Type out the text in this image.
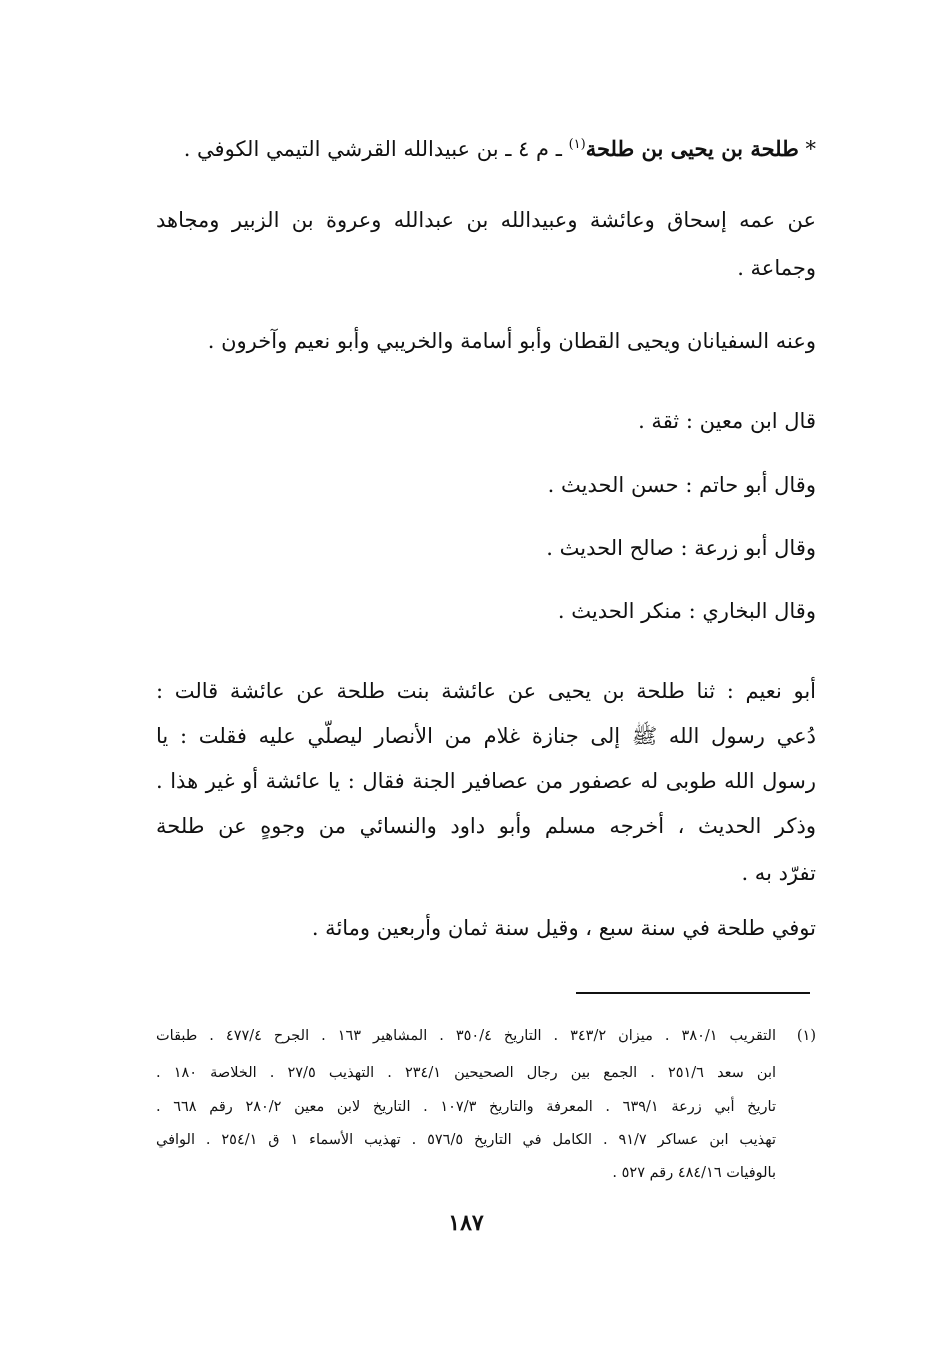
* طلحة بن يحيى بن طلحة$^{(١)}$ ـ م ٤ ـ بن عبيدالله القرشي التيمي الكوفي .
عن عمه إسحاق وعائشة وعبيدالله بن عبدالله وعروة بن الزبير ومجاهد
وجماعة .
وعنه السفيانان ويحيى القطان وأبو أسامة والخريبي وأبو نعيم وآخرون .
قال ابن معين : ثقة .
وقال أبو حاتم : حسن الحديث .
وقال أبو زرعة : صالح الحديث .
وقال البخاري : منكر الحديث .
أبو نعيم : ثنا طلحة بن يحيى عن عائشة بنت طلحة عن عائشة قالت :
دُعي رسول الله ﷺ إلى جنازة غلام من الأنصار ليصلّي عليه فقلت : يا
رسول الله طوبى له عصفور من عصافير الجنة فقال : يا عائشة أو غير هذا .
وذكر الحديث ، أخرجه مسلم وأبو داود والنسائي من وجوهٍ عن طلحة
تفرّد به .
توفي طلحة في سنة سبع ، وقيل سنة ثمان وأربعين ومائة .
(١)
التقريب ٣٨٠/١ . ميزان ٣٤٣/٢ . التاريخ ٣٥٠/٤ . المشاهير ١٦٣ . الجرح ٤٧٧/٤ . طبقات
ابن سعد ٢٥١/٦ . الجمع بين رجال الصحيحين ٢٣٤/١ . التهذيب ٢٧/٥ . الخلاصة ١٨٠ .
تاريخ أبي زرعة ٦٣٩/١ . المعرفة والتاريخ ١٠٧/٣ . التاريخ لابن معين ٢٨٠/٢ رقم ٦٦٨ .
تهذيب ابن عساكر ٩١/٧ . الكامل في التاريخ ٥٧٦/٥ . تهذيب الأسماء ١ ق ٢٥٤/١ . الوافي
بالوفيات ٤٨٤/١٦ رقم ٥٢٧ .
١٨٧
